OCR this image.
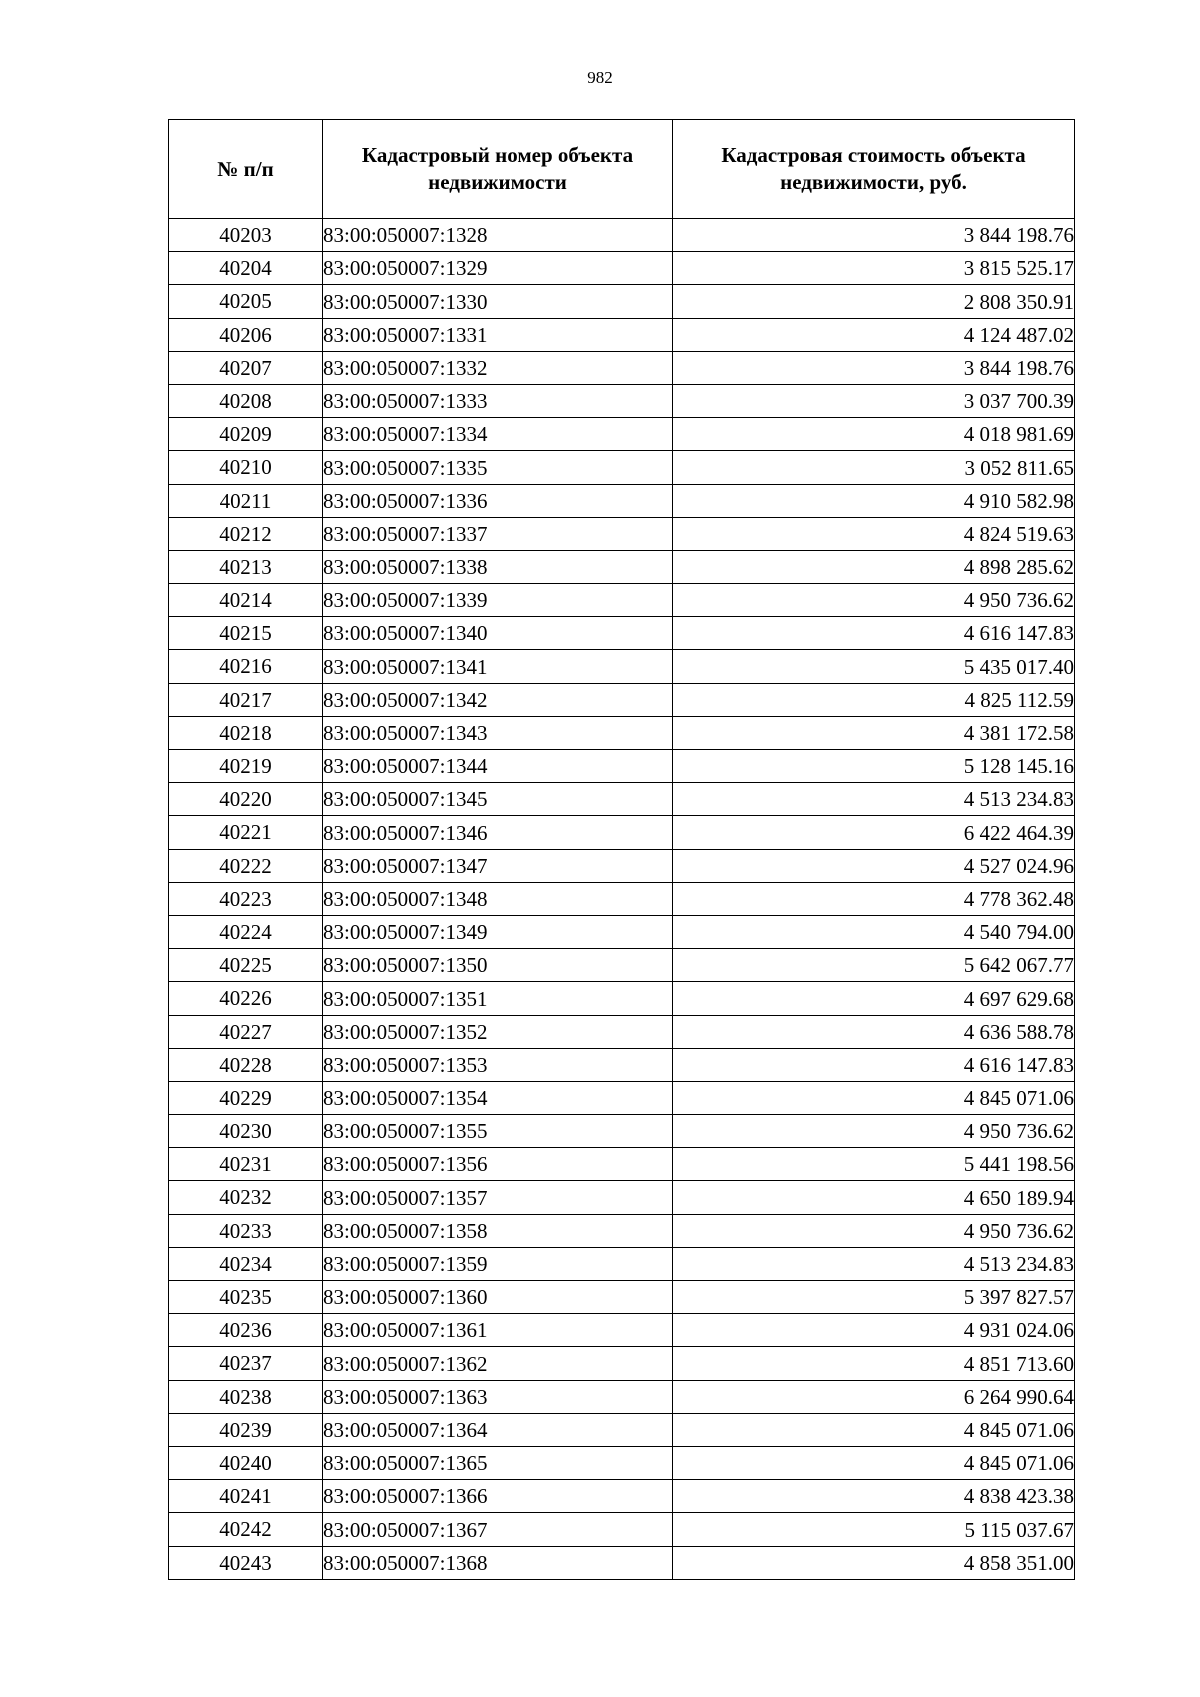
982
№ п/п	Кадастровый номер объекта недвижимости	Кадастровая стоимость объекта недвижимости, руб.
40203	83:00:050007:1328	3 844 198.76
40204	83:00:050007:1329	3 815 525.17
40205	83:00:050007:1330	2 808 350.91
40206	83:00:050007:1331	4 124 487.02
40207	83:00:050007:1332	3 844 198.76
40208	83:00:050007:1333	3 037 700.39
40209	83:00:050007:1334	4 018 981.69
40210	83:00:050007:1335	3 052 811.65
40211	83:00:050007:1336	4 910 582.98
40212	83:00:050007:1337	4 824 519.63
40213	83:00:050007:1338	4 898 285.62
40214	83:00:050007:1339	4 950 736.62
40215	83:00:050007:1340	4 616 147.83
40216	83:00:050007:1341	5 435 017.40
40217	83:00:050007:1342	4 825 112.59
40218	83:00:050007:1343	4 381 172.58
40219	83:00:050007:1344	5 128 145.16
40220	83:00:050007:1345	4 513 234.83
40221	83:00:050007:1346	6 422 464.39
40222	83:00:050007:1347	4 527 024.96
40223	83:00:050007:1348	4 778 362.48
40224	83:00:050007:1349	4 540 794.00
40225	83:00:050007:1350	5 642 067.77
40226	83:00:050007:1351	4 697 629.68
40227	83:00:050007:1352	4 636 588.78
40228	83:00:050007:1353	4 616 147.83
40229	83:00:050007:1354	4 845 071.06
40230	83:00:050007:1355	4 950 736.62
40231	83:00:050007:1356	5 441 198.56
40232	83:00:050007:1357	4 650 189.94
40233	83:00:050007:1358	4 950 736.62
40234	83:00:050007:1359	4 513 234.83
40235	83:00:050007:1360	5 397 827.57
40236	83:00:050007:1361	4 931 024.06
40237	83:00:050007:1362	4 851 713.60
40238	83:00:050007:1363	6 264 990.64
40239	83:00:050007:1364	4 845 071.06
40240	83:00:050007:1365	4 845 071.06
40241	83:00:050007:1366	4 838 423.38
40242	83:00:050007:1367	5 115 037.67
40243	83:00:050007:1368	4 858 351.00
